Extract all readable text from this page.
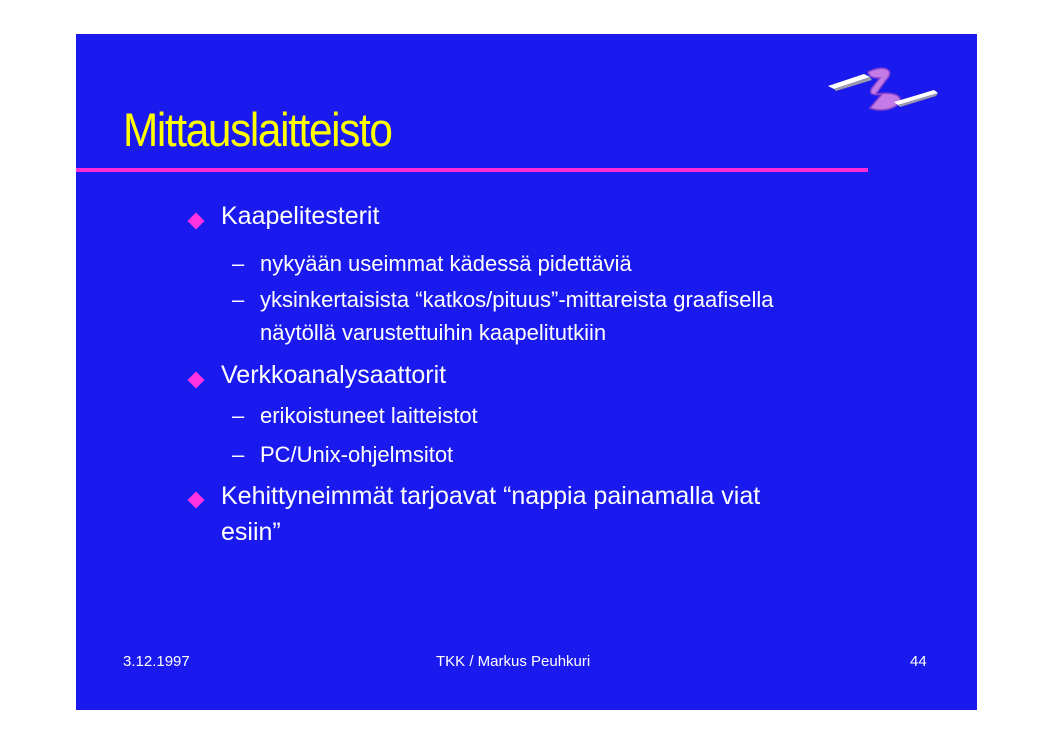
Mittauslaitteisto
Kaapelitesterit
– nykyään useimmat kädessä pidettäviä
– yksinkertaisista “katkos/pituus”-mittareista graafisella
näytöllä varustettuihin kaapelitutkiin
Verkkoanalysaattorit
– erikoistuneet laitteistot
– PC/Unix-ohjelmsitot
Kehittyneimmät tarjoavat “nappia painamalla viat
esiin”
3.12.1997	TKK / Markus Peuhkuri	44
